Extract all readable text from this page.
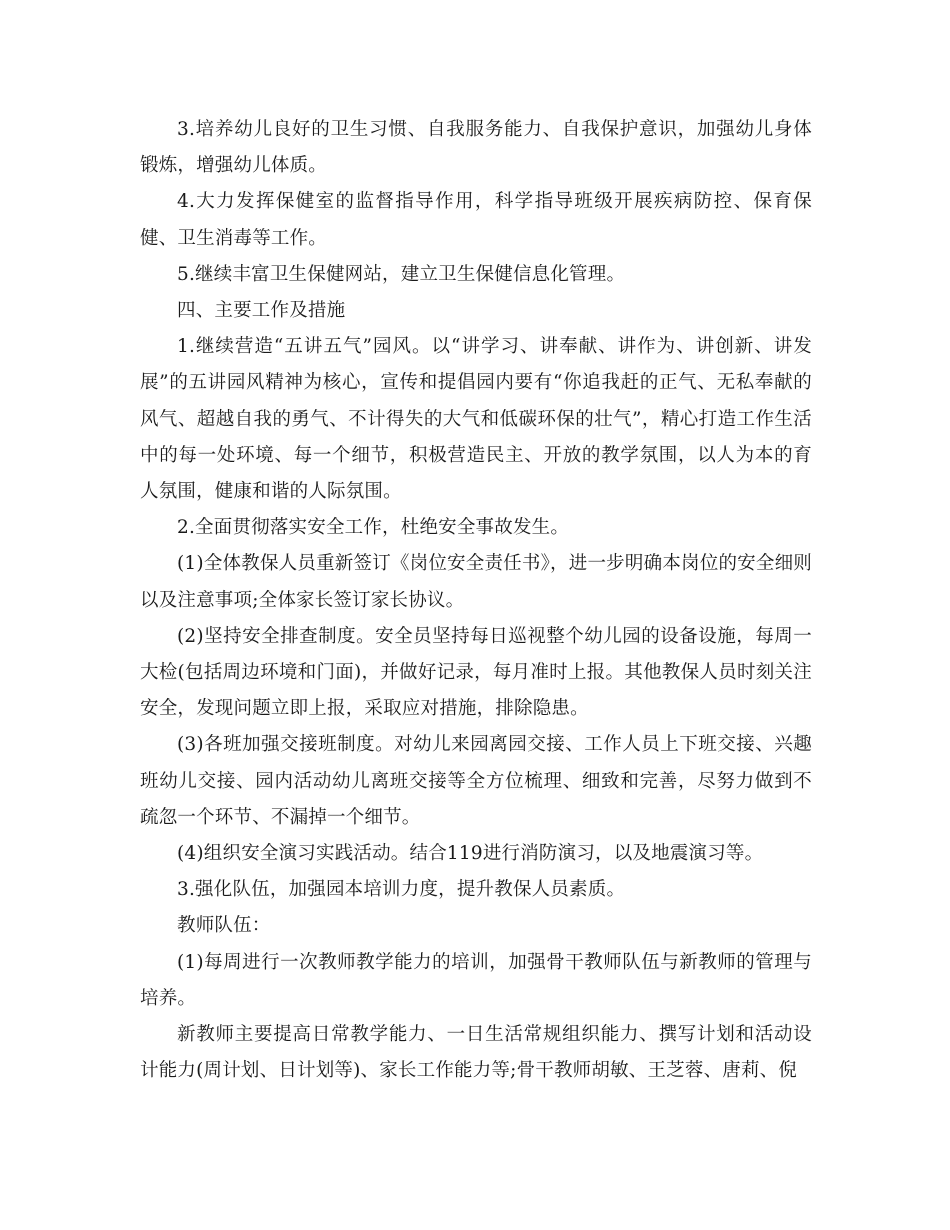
3.培养幼儿良好的卫生习惯、自我服务能力、自我保护意识，加强幼儿身体锻炼，增强幼儿体质。

4.大力发挥保健室的监督指导作用，科学指导班级开展疾病防控、保育保健、卫生消毒等工作。

5.继续丰富卫生保健网站，建立卫生保健信息化管理。

四、主要工作及措施

1.继续营造“五讲五气”园风。以“讲学习、讲奉献、讲作为、讲创新、讲发展”的五讲园风精神为核心，宣传和提倡园内要有“你追我赶的正气、无私奉献的风气、超越自我的勇气、不计得失的大气和低碳环保的壮气”，精心打造工作生活中的每一处环境、每一个细节，积极营造民主、开放的教学氛围，以人为本的育人氛围，健康和谐的人际氛围。

2.全面贯彻落实安全工作，杜绝安全事故发生。

(1)全体教保人员重新签订《岗位安全责任书》，进一步明确本岗位的安全细则以及注意事项;全体家长签订家长协议。

(2)坚持安全排查制度。安全员坚持每日巡视整个幼儿园的设备设施，每周一大检(包括周边环境和门面)，并做好记录，每月准时上报。其他教保人员时刻关注安全，发现问题立即上报，采取应对措施，排除隐患。

(3)各班加强交接班制度。对幼儿来园离园交接、工作人员上下班交接、兴趣班幼儿交接、园内活动幼儿离班交接等全方位梳理、细致和完善，尽努力做到不疏忽一个环节、不漏掉一个细节。

(4)组织安全演习实践活动。结合119进行消防演习，以及地震演习等。

3.强化队伍，加强园本培训力度，提升教保人员素质。

教师队伍：

(1)每周进行一次教师教学能力的培训，加强骨干教师队伍与新教师的管理与培养。

新教师主要提高日常教学能力、一日生活常规组织能力、撰写计划和活动设计能力(周计划、日计划等)、家长工作能力等;骨干教师胡敏、王芝蓉、唐莉、倪
